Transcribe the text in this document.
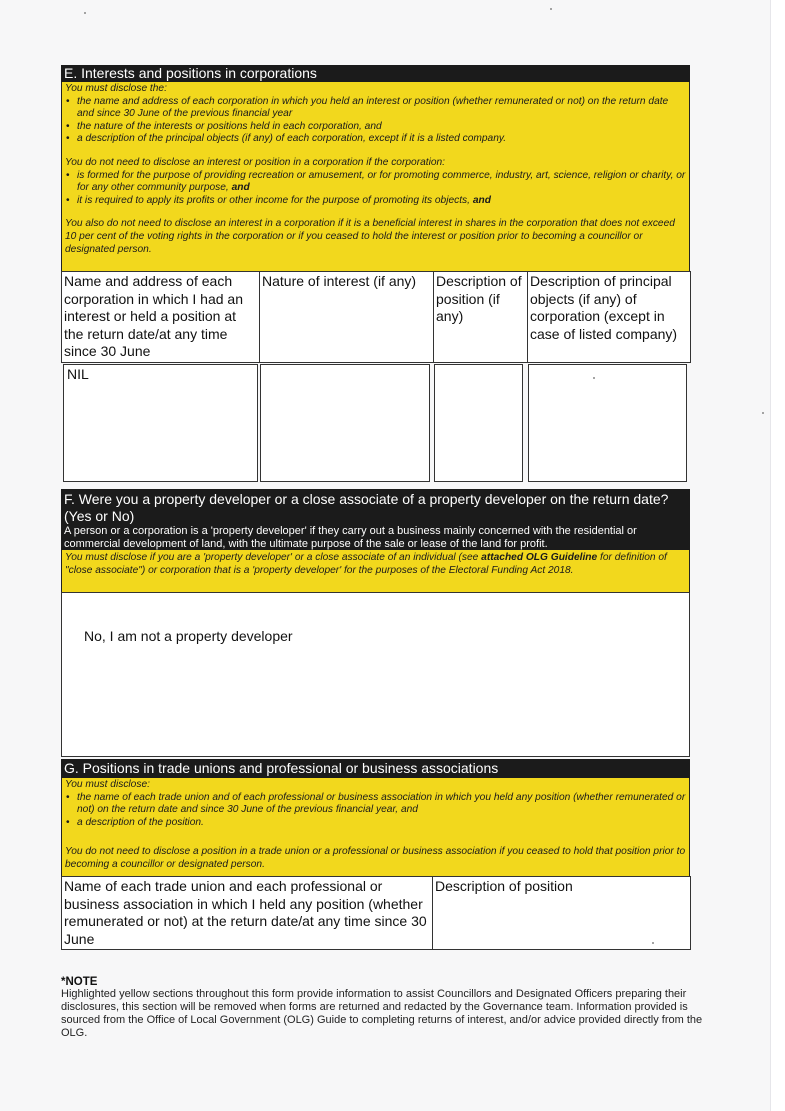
E. Interests and positions in corporations

You must disclose the:

• the name and address of each corporation in which you held an interest or position (whether remunerated or not) on the return date and since 30 June of the previous financial year
• the nature of the interests or positions held in each corporation, and
• a description of the principal objects (if any) of each corporation, except if it is a listed company.

You do not need to disclose an interest or position in a corporation if the corporation:

• is formed for the purpose of providing recreation or amusement, or for promoting commerce, industry, art, science, religion or charity, or for any other community purpose, and
• it is required to apply its profits or other income for the purpose of promoting its objects, and

You also do not need to disclose an interest in a corporation if it is a beneficial interest in shares in the corporation that does not exceed 10 per cent of the voting rights in the corporation or if you ceased to hold the interest or position prior to becoming a councillor or designated person.

Name and address of each corporation in which I had an interest or held a position at the return date/at any time since 30 June	Nature of interest (if any)	Description of position (if any)	Description of principal objects (if any) of corporation (except in case of listed company)
NIL
F. Were you a property developer or a close associate of a property developer on the return date? (Yes or No)
A person or a corporation is a 'property developer' if they carry out a business mainly concerned with the residential or commercial development of land, with the ultimate purpose of the sale or lease of the land for profit.

You must disclose if you are a 'property developer' or a close associate of an individual (see attached OLG Guideline for definition of "close associate") or corporation that is a 'property developer' for the purposes of the Electoral Funding Act 2018.

No, I am not a property developer
G. Positions in trade unions and professional or business associations

You must disclose:

• the name of each trade union and of each professional or business association in which you held any position (whether remunerated or not) on the return date and since 30 June of the previous financial year, and
• a description of the position.

You do not need to disclose a position in a trade union or a professional or business association if you ceased to hold that position prior to becoming a councillor or designated person.

Name of each trade union and each professional or business association in which I held any position (whether remunerated or not) at the return date/at any time since 30 June	Description of position
*NOTE
Highlighted yellow sections throughout this form provide information to assist Councillors and Designated Officers preparing their disclosures, this section will be removed when forms are returned and redacted by the Governance team. Information provided is sourced from the Office of Local Government (OLG) Guide to completing returns of interest, and/or advice provided directly from the OLG.
